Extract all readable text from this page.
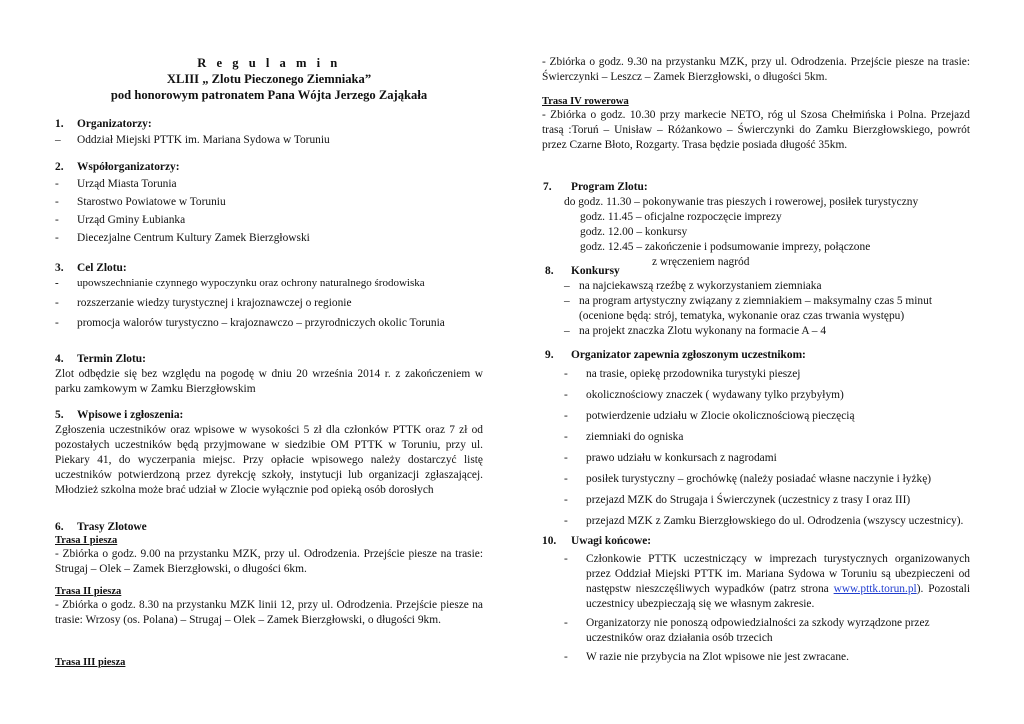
R e g u l a m i n
XLIII „ Zlotu Pieczonego Ziemniaka”
pod honorowym patronatem Pana Wójta Jerzego Zająkała
1. Organizatorzy:
–	Oddział Miejski PTTK im. Mariana Sydowa w Toruniu
2. Współorganizatorzy:
-	Urząd Miasta Torunia
-	Starostwo Powiatowe w Toruniu
-	Urząd Gminy Łubianka
-	Diecezjalne Centrum Kultury Zamek Bierzgłowski
3. Cel Zlotu:
-	upowszechnianie czynnego wypoczynku oraz ochrony naturalnego środowiska
-	rozszerzanie wiedzy turystycznej i krajoznawczej o regionie
-	promocja walorów turystyczno – krajoznawczo – przyrodniczych okolic Torunia
4. Termin Zlotu:
Zlot odbędzie się bez względu na pogodę w dniu 20 września 2014 r. z zakończeniem w parku zamkowym w Zamku Bierzgłowskim
5. Wpisowe i zgłoszenia:
Zgłoszenia uczestników oraz wpisowe w wysokości 5 zł dla członków PTTK oraz 7 zł od pozostałych uczestników będą przyjmowane w siedzibie OM PTTK w Toruniu, przy ul. Piekary 41, do wyczerpania miejsc. Przy opłacie wpisowego należy dostarczyć listę uczestników potwierdzoną przez dyrekcję szkoły, instytucji lub organizacji zgłaszającej. Młodzież szkolna może brać udział w Zlocie wyłącznie pod opieką osób dorosłych
6. Trasy Zlotowe
Trasa I piesza
- Zbiórka o godz. 9.00 na przystanku MZK, przy ul. Odrodzenia. Przejście piesze na trasie: Strugaj – Olek – Zamek Bierzgłowski, o długości 6km.
Trasa II piesza
- Zbiórka o godz. 8.30 na przystanku MZK linii 12, przy ul. Odrodzenia. Przejście piesze na trasie: Wrzosy (os. Polana) – Strugaj – Olek – Zamek Bierzgłowski, o długości 9km.
Trasa III piesza
- Zbiórka o godz. 9.30 na przystanku MZK, przy ul. Odrodzenia. Przejście piesze na trasie: Świerczynki – Leszcz – Zamek Bierzgłowski, o długości 5km.
Trasa IV rowerowa
- Zbiórka o godz. 10.30 przy markecie NETO, róg ul Szosa Chełmińska i Polna. Przejazd trasą :Toruń – Unisław – Różankowo – Świerczynki do Zamku Bierzgłowskiego, powrót przez Czarne Błoto, Rozgarty. Trasa będzie posiada długość 35km.
7. Program Zlotu:
do godz. 11.30 – pokonywanie tras pieszych i rowerowej, posiłek turystyczny
godz. 11.45 – oficjalne rozpoczęcie imprezy
godz. 12.00 – konkursy
godz. 12.45 – zakończenie i podsumowanie imprezy, połączone
z wręczeniem nagród
8. Konkursy
– na najciekawszą rzeźbę z wykorzystaniem ziemniaka
– na program artystyczny związany z ziemniakiem – maksymalny czas 5 minut (ocenione będą: strój, tematyka, wykonanie oraz czas trwania występu)
– na projekt znaczka Zlotu wykonany na formacie A – 4
9. Organizator zapewnia zgłoszonym uczestnikom:
-	na trasie, opiekę przodownika turystyki pieszej
-	okolicznościowy znaczek ( wydawany tylko przybyłym)
-	potwierdzenie udziału w Zlocie okolicznościową pieczęcią
-	ziemniaki do ogniska
-	prawo udziału w konkursach z nagrodami
-	posiłek turystyczny – grochówkę (należy posiadać własne naczynie i łyżkę)
-	przejazd MZK do Strugaja i Świerczynek (uczestnicy z trasy I oraz III)
-	przejazd MZK z Zamku Bierzgłowskiego do ul. Odrodzenia (wszyscy uczestnicy).
10. Uwagi końcowe:
-	Członkowie PTTK uczestniczący w imprezach turystycznych organizowanych przez Oddział Miejski PTTK im. Mariana Sydowa w Toruniu są ubezpieczeni od następstw nieszczęśliwych wypadków (patrz strona www.pttk.torun.pl). Pozostali uczestnicy ubezpieczają się we własnym zakresie.
-	Organizatorzy nie ponoszą odpowiedzialności za szkody wyrządzone przez uczestników oraz działania osób trzecich
-	W razie nie przybycia na Zlot wpisowe nie jest zwracane.
